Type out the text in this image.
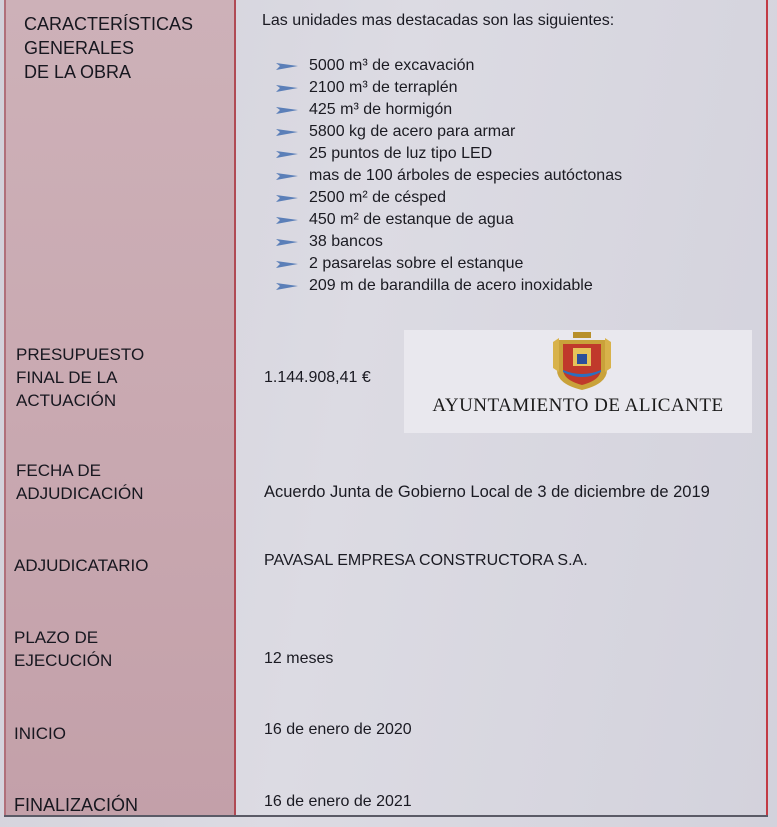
CARACTERÍSTICAS
GENERALES
DE LA OBRA
PRESUPUESTO
FINAL DE LA
ACTUACIÓN
FECHA DE
ADJUDICACIÓN
ADJUDICATARIO
PLAZO DE
EJECUCIÓN
INICIO
FINALIZACIÓN
Las unidades mas destacadas son las siguientes:
5000 m³ de excavación
2100 m³ de terraplén
425 m³ de hormigón
5800 kg de acero para armar
25 puntos de luz tipo LED
mas de 100 árboles de especies autóctonas
2500 m² de césped
450 m² de estanque de agua
38 bancos
2 pasarelas sobre el estanque
209 m de barandilla de acero inoxidable
1.144.908,41 €
Acuerdo Junta de Gobierno Local de 3 de diciembre de 2019
PAVASAL EMPRESA CONSTRUCTORA S.A.
12 meses
16 de enero de 2020
16 de enero de 2021
AYUNTAMIENTO DE ALICANTE
